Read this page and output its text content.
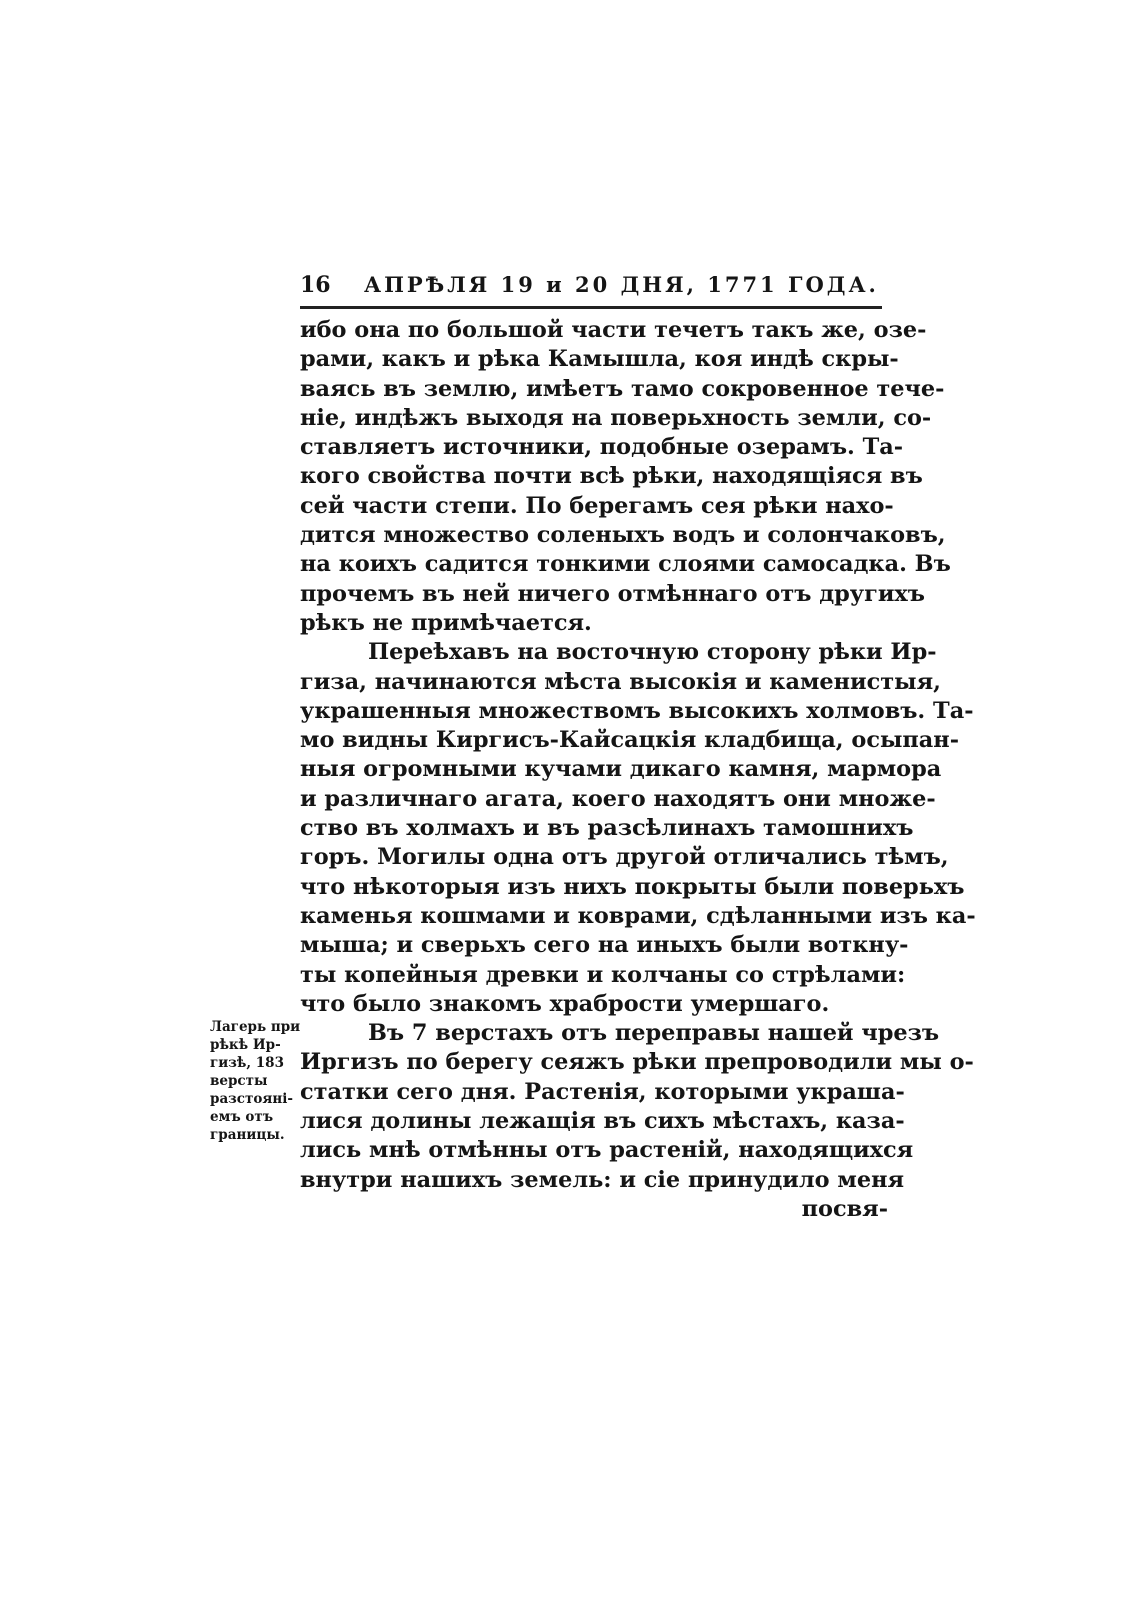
16	АПРѢЛЯ 19 и 20 ДНЯ, 1771 ГОДА.
ибо она по большой части течетъ такъ же, озе-
рами, какъ и рѣка Камышла, коя индѣ скры-
ваясь въ землю, имѣетъ тамо сокровенное тече-
нiе, индѣжъ выходя на поверьхность земли, со-
ставляетъ источники, подобные озерамъ. Та-
кого свойства почти всѣ рѣки, находящiяся въ
сей части степи. По берегамъ сея рѣки нахо-
дится множество соленыхъ водъ и солончаковъ,
на коихъ садится тонкими слоями самосадка. Въ
прочемъ въ ней ничего отмѣннаго отъ другихъ
рѣкъ не примѣчается.
Переѣхавъ на восточную сторону рѣки Ир-
гиза, начинаются мѣста высокiя и каменистыя,
украшенныя множествомъ высокихъ холмовъ. Та-
мо видны Киргисъ-Кайсацкiя кладбища, осыпан-
ныя огромными кучами дикаго камня, мармора
и различнаго агата, коего находятъ они множе-
ство въ холмахъ и въ разсѣлинахъ тамошнихъ
горъ. Могилы одна отъ другой отличались тѣмъ,
что нѣкоторыя изъ нихъ покрыты были поверьхъ
каменья кошмами и коврами, сдѣланными изъ ка-
мыша; и сверьхъ сего на иныхъ были воткну-
ты копейныя древки и колчаны со стрѣлами:
что было знакомъ храбрости умершаго.
Въ 7 верстахъ отъ переправы нашей чрезъ
Иргизъ по берегу сеяжъ рѣки препроводили мы о-
статки сего дня. Растенiя, которыми украша-
лися долины лежащiя въ сихъ мѣстахъ, каза-
лись мнѣ отмѣнны отъ растенiй, находящихся
внутри нашихъ земель: и сiе принудило меня
посвя-
Лагерь при
рѣкѣ Ир-
гизѣ, 183
версты
разстоянi-
емъ отъ
границы.
